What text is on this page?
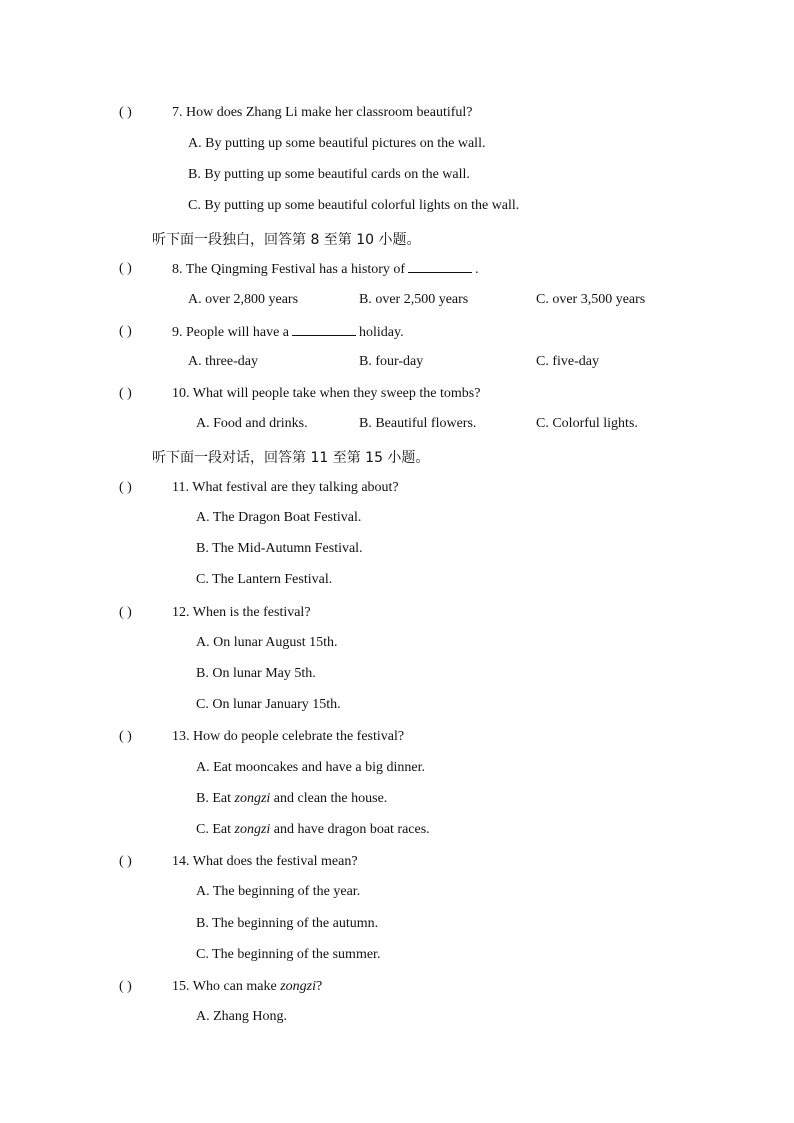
( )	7. How does Zhang Li make her classroom beautiful?
A. By putting up some beautiful pictures on the wall.
B. By putting up some beautiful cards on the wall.
C. By putting up some beautiful colorful lights on the wall.
听下面一段独白，回答第 8 至第 10 小题。
( )	8. The Qingming Festival has a history of	.
A. over 2,800 years	B. over 2,500 years	C. over 3,500 years
( )	9. People will have a	holiday.
A. three-day	B. four-day	C. five-day
( )	10. What will people take when they sweep the tombs?
A. Food and drinks.	B. Beautiful flowers.	C. Colorful lights.
听下面一段对话，回答第 11 至第 15 小题。
( )	11. What festival are they talking about?
A. The Dragon Boat Festival.
B. The Mid-Autumn Festival.
C. The Lantern Festival.
( )	12. When is the festival?
A. On lunar August 15th.
B. On lunar May 5th.
C. On lunar January 15th.
( )	13. How do people celebrate the festival?
A. Eat mooncakes and have a big dinner.
B. Eat zongzi and clean the house.
C. Eat zongzi and have dragon boat races.
( )	14. What does the festival mean?
A. The beginning of the year.
B. The beginning of the autumn.
C. The beginning of the summer.
( )	15. Who can make zongzi?
A. Zhang Hong.
